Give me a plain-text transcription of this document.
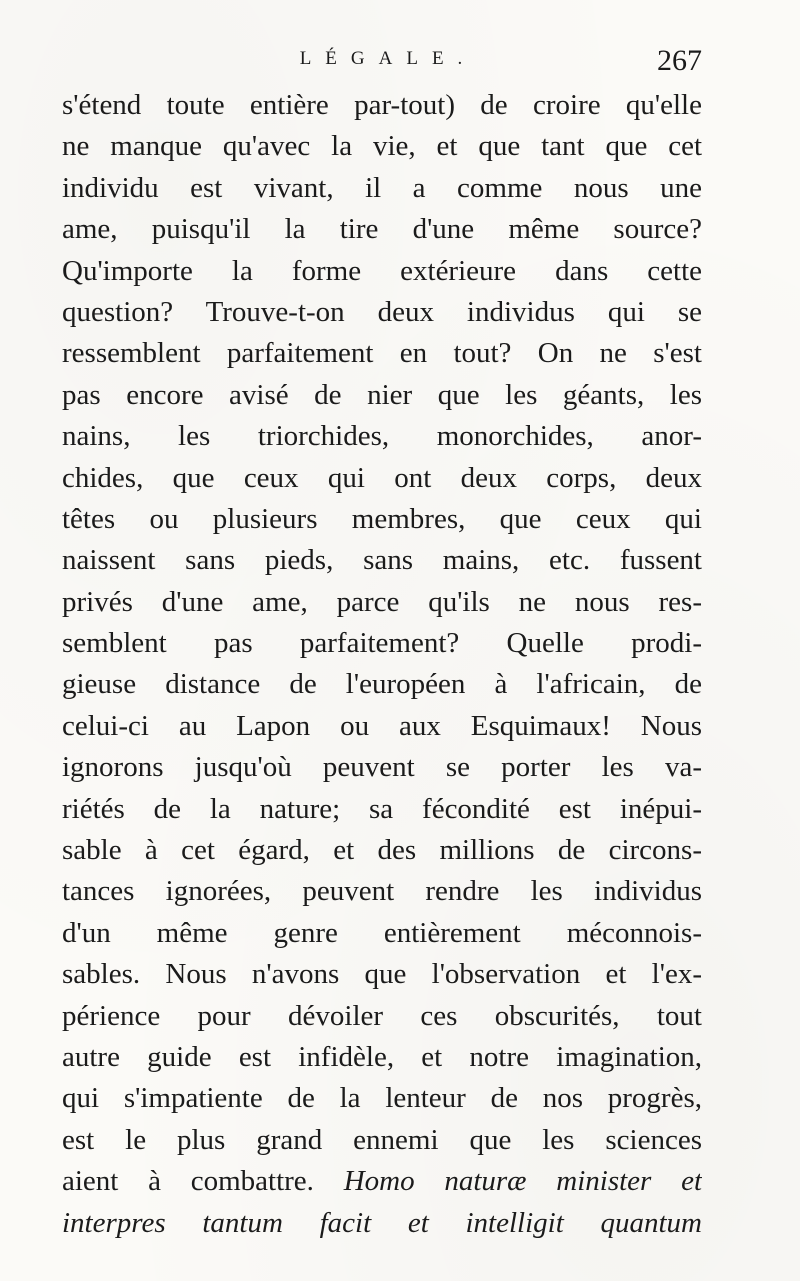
LÉGALE.	267
s'étend toute entière par-tout) de croire qu'elle
ne manque qu'avec la vie, et que tant que cet
individu est vivant, il a comme nous une
ame, puisqu'il la tire d'une même source?
Qu'importe la forme extérieure dans cette
question? Trouve-t-on deux individus qui se
ressemblent parfaitement en tout? On ne s'est
pas encore avisé de nier que les géants, les
nains, les triorchides, monorchides, anor-
chides, que ceux qui ont deux corps, deux
têtes ou plusieurs membres, que ceux qui
naissent sans pieds, sans mains, etc. fussent
privés d'une ame, parce qu'ils ne nous res-
semblent pas parfaitement? Quelle prodi-
gieuse distance de l'européen à l'africain, de
celui-ci au Lapon ou aux Esquimaux! Nous
ignorons jusqu'où peuvent se porter les va-
riétés de la nature; sa fécondité est inépui-
sable à cet égard, et des millions de circons-
tances ignorées, peuvent rendre les individus
d'un même genre entièrement méconnois-
sables. Nous n'avons que l'observation et l'ex-
périence pour dévoiler ces obscurités, tout
autre guide est infidèle, et notre imagination,
qui s'impatiente de la lenteur de nos progrès,
est le plus grand ennemi que les sciences
aient à combattre. Homo naturæ minister et
interpres tantum facit et intelligit quantum
